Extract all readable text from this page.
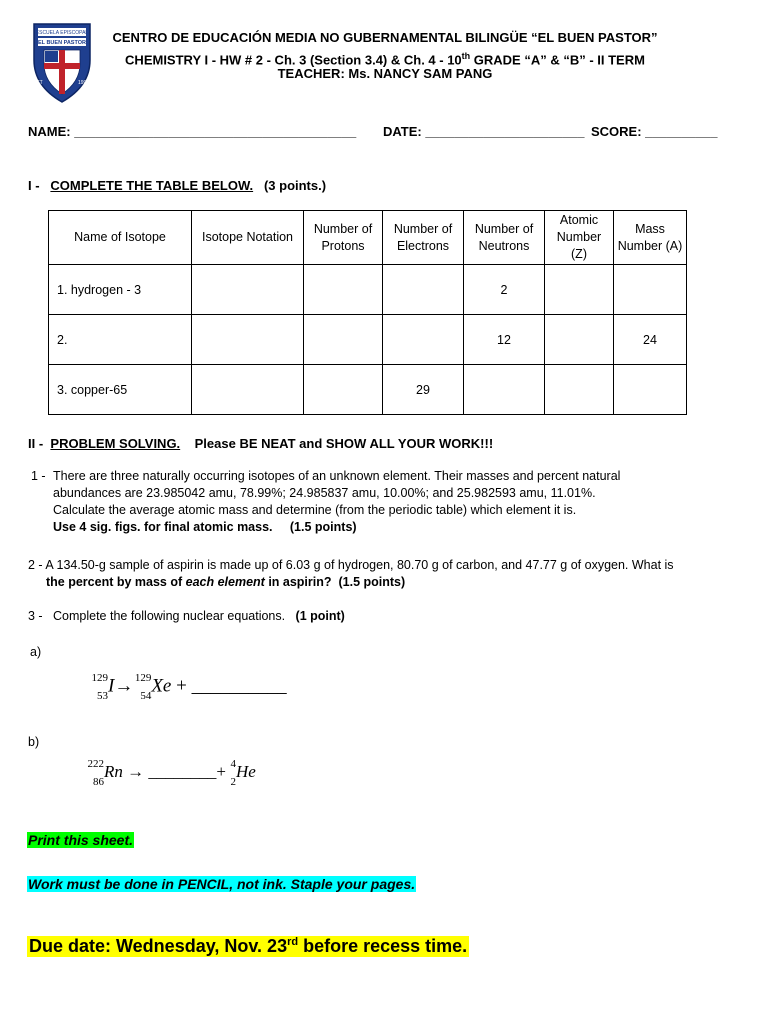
EST	1994
ESCUELA EPISCOPAL
EL BUEN PASTOR	CENTRO DE EDUCACIÓN MEDIA NO GUBERNAMENTAL BILINGÜE “EL BUEN PASTOR”
CHEMISTRY I - HW # 2 - Ch. 3 (Section 3.4) & Ch. 4 - 10th GRADE “A” & “B” - II TERM
TEACHER: Ms. NANCY SAM PANG
NAME: _______________________________________ DATE: ______________________ SCORE: __________
I - COMPLETE THE TABLE BELOW. (3 points.)
Name of Isotope	Isotope Notation	Number of Protons	Number of Electrons	Number of Neutrons	Atomic Number (Z)	Mass Number (A)
1. hydrogen - 3				2		
2.				12		24
3. copper-65			29			
II - PROBLEM SOLVING. Please BE NEAT and SHOW ALL YOUR WORK!!!
1 - There are three naturally occurring isotopes of an unknown element. Their masses and percent natural
abundances are 23.985042 amu, 78.99%; 24.985837 amu, 10.00%; and 25.982593 amu, 11.01%.
Calculate the average atomic mass and determine (from the periodic table) which element it is.
Use 4 sig. figs. for final atomic mass. (1.5 points)
2 - A 134.50-g sample of aspirin is made up of 6.03 g of hydrogen, 80.70 g of carbon, and 47.77 g of oxygen. What is
the percent by mass of each element in aspirin? (1.5 points)
3 - Complete the following nuclear equations. (1 point)
a)
129
53 I→ 129
54 Xe + __________
b)
222
86
Rn → ________+ 4
2
He
Print this sheet.
Work must be done in PENCIL, not ink. Staple your pages.
Due date: Wednesday, Nov. 23rd before recess time.
